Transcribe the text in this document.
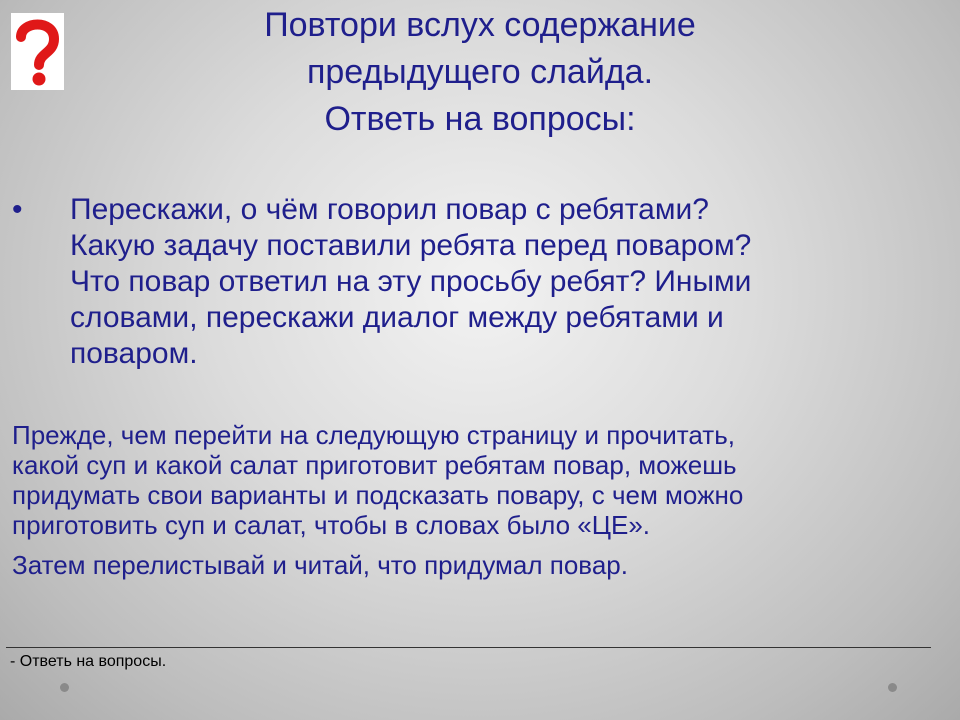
Повтори вслух содержание
предыдущего слайда.
Ответь на вопросы:
• Перескажи, о чём говорил повар с ребятами?
Какую задачу поставили ребята перед поваром?
Что повар ответил на эту просьбу ребят? Иными
словами, перескажи диалог между ребятами и
поваром.
Прежде, чем перейти на следующую страницу и прочитать,
какой суп и какой салат приготовит ребятам повар, можешь
придумать свои варианты и подсказать повару, с чем можно
приготовить суп и салат, чтобы в словах было «ЦЕ».
Затем перелистывай и читай, что придумал повар.
- Ответь на вопросы.
